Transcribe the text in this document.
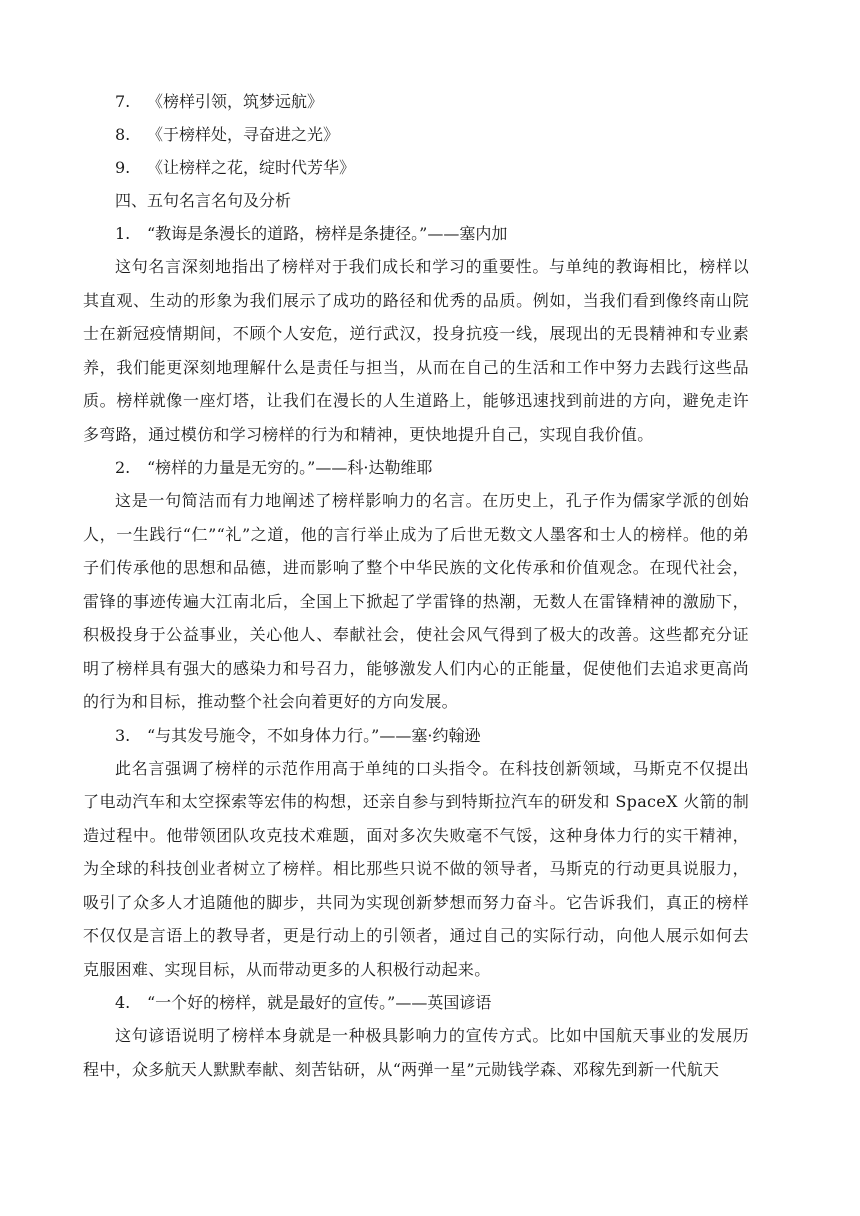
7. 《榜样引领，筑梦远航》

8. 《于榜样处，寻奋进之光》

9. 《让榜样之花，绽时代芳华》

四、五句名言名句及分析

1. “教诲是条漫长的道路，榜样是条捷径。”——塞内加

这句名言深刻地指出了榜样对于我们成长和学习的重要性。与单纯的教诲相比，榜样以其直观、生动的形象为我们展示了成功的路径和优秀的品质。例如，当我们看到像终南山院士在新冠疫情期间，不顾个人安危，逆行武汉，投身抗疫一线，展现出的无畏精神和专业素养，我们能更深刻地理解什么是责任与担当，从而在自己的生活和工作中努力去践行这些品质。榜样就像一座灯塔，让我们在漫长的人生道路上，能够迅速找到前进的方向，避免走许多弯路，通过模仿和学习榜样的行为和精神，更快地提升自己，实现自我价值。

2. “榜样的力量是无穷的。”——科·达勒维耶

这是一句简洁而有力地阐述了榜样影响力的名言。在历史上，孔子作为儒家学派的创始人，一生践行“仁”“礼”之道，他的言行举止成为了后世无数文人墨客和士人的榜样。他的弟子们传承他的思想和品德，进而影响了整个中华民族的文化传承和价值观念。在现代社会，雷锋的事迹传遍大江南北后，全国上下掀起了学雷锋的热潮，无数人在雷锋精神的激励下，积极投身于公益事业，关心他人、奉献社会，使社会风气得到了极大的改善。这些都充分证明了榜样具有强大的感染力和号召力，能够激发人们内心的正能量，促使他们去追求更高尚的行为和目标，推动整个社会向着更好的方向发展。

3. “与其发号施令，不如身体力行。”——塞·约翰逊

此名言强调了榜样的示范作用高于单纯的口头指令。在科技创新领域，马斯克不仅提出了电动汽车和太空探索等宏伟的构想，还亲自参与到特斯拉汽车的研发和 SpaceX 火箭的制造过程中。他带领团队攻克技术难题，面对多次失败毫不气馁，这种身体力行的实干精神，为全球的科技创业者树立了榜样。相比那些只说不做的领导者，马斯克的行动更具说服力，吸引了众多人才追随他的脚步，共同为实现创新梦想而努力奋斗。它告诉我们，真正的榜样不仅仅是言语上的教导者，更是行动上的引领者，通过自己的实际行动，向他人展示如何去克服困难、实现目标，从而带动更多的人积极行动起来。

4. “一个好的榜样，就是最好的宣传。”——英国谚语

这句谚语说明了榜样本身就是一种极具影响力的宣传方式。比如中国航天事业的发展历程中，众多航天人默默奉献、刻苦钻研，从“两弹一星”元勋钱学森、邓稼先到新一代航天
